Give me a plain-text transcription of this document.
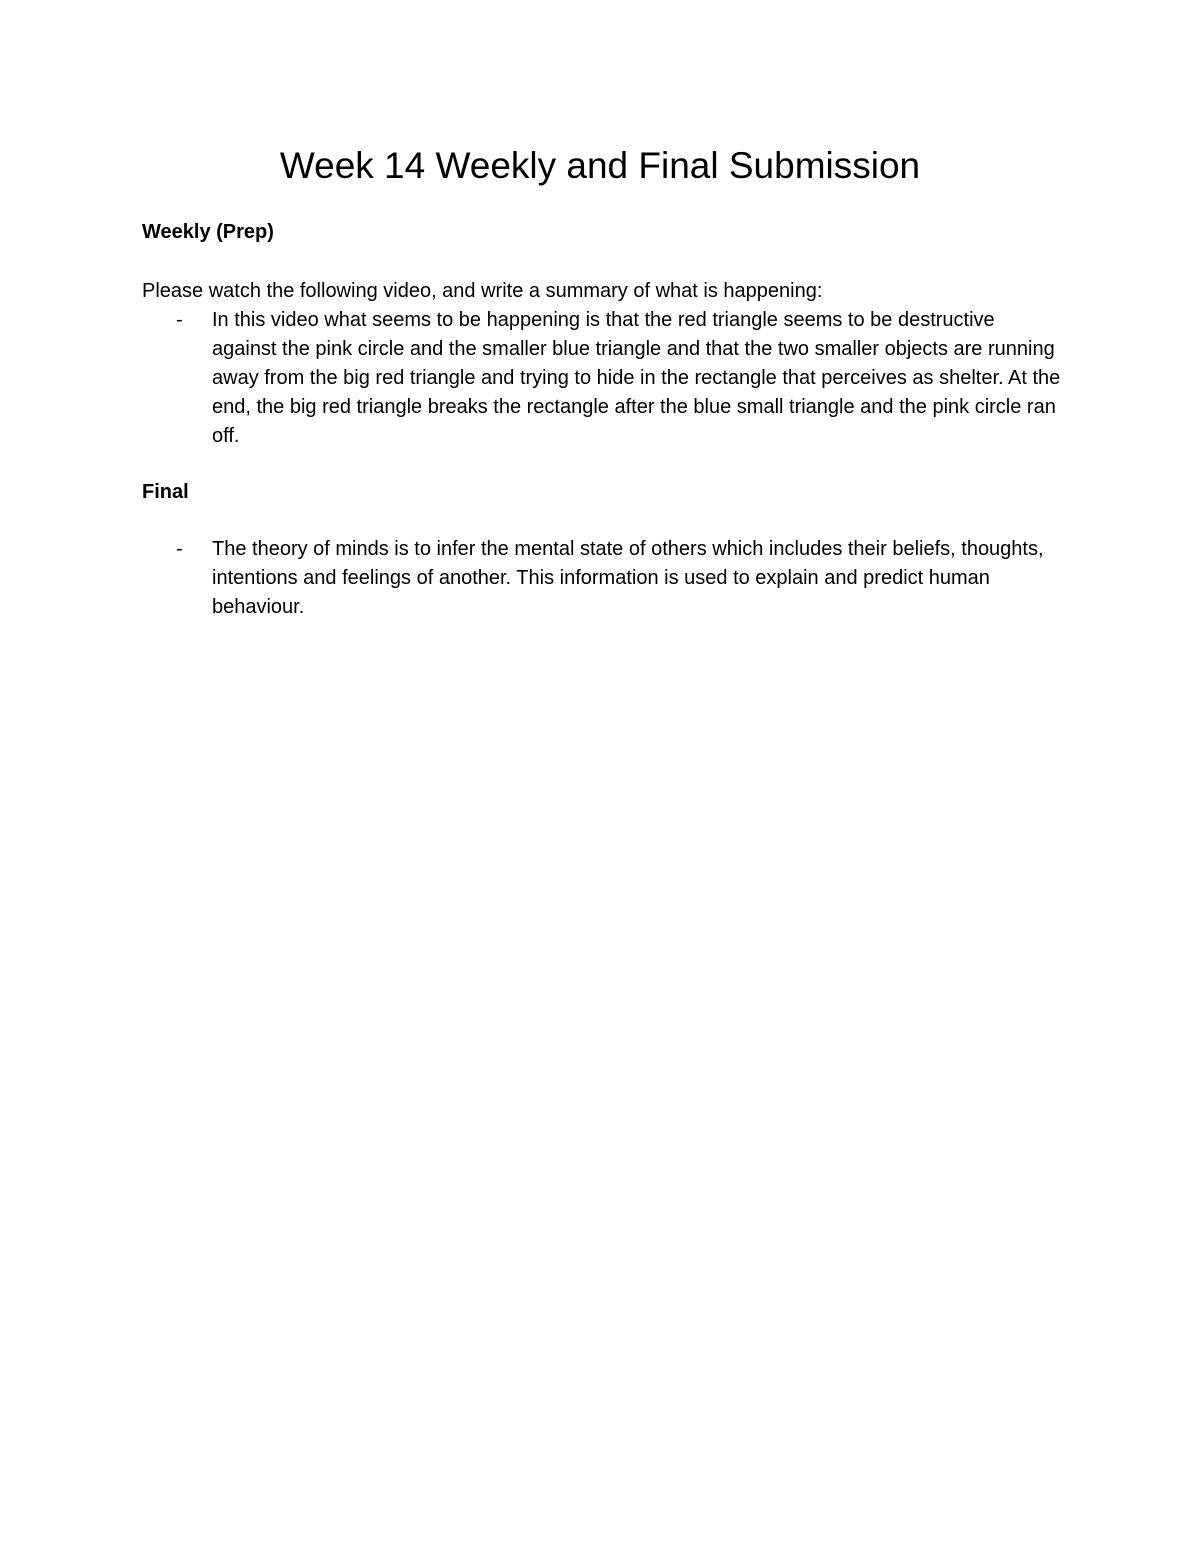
Week 14 Weekly and Final Submission
Weekly (Prep)

Please watch the following video, and write a summary of what is happening:

- In this video what seems to be happening is that the red triangle seems to be destructive against the pink circle and the smaller blue triangle and that the two smaller objects are running away from the big red triangle and trying to hide in the rectangle that perceives as shelter. At the end, the big red triangle breaks the rectangle after the blue small triangle and the pink circle ran off.
Final
- The theory of minds is to infer the mental state of others which includes their beliefs, thoughts, intentions and feelings of another. This information is used to explain and predict human behaviour.
